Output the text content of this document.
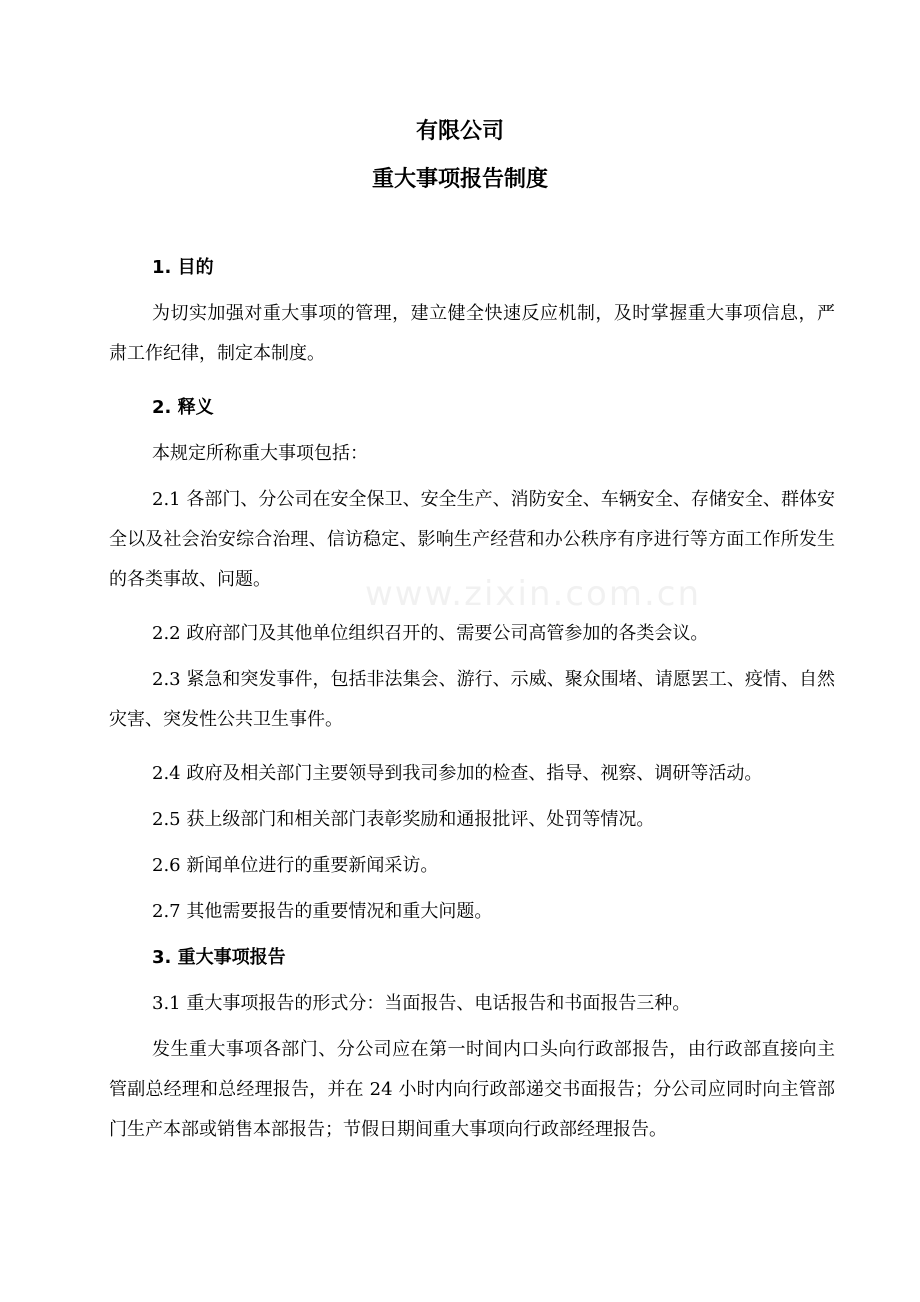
有限公司
重大事项报告制度

1. 目的

为切实加强对重大事项的管理，建立健全快速反应机制，及时掌握重大事项信息，严肃工作纪律，制定本制度。

2. 释义

本规定所称重大事项包括：

2.1 各部门、分公司在安全保卫、安全生产、消防安全、车辆安全、存储安全、群体安全以及社会治安综合治理、信访稳定、影响生产经营和办公秩序有序进行等方面工作所发生的各类事故、问题。

2.2 政府部门及其他单位组织召开的、需要公司高管参加的各类会议。

2.3 紧急和突发事件，包括非法集会、游行、示威、聚众围堵、请愿罢工、疫情、自然灾害、突发性公共卫生事件。

2.4 政府及相关部门主要领导到我司参加的检查、指导、视察、调研等活动。

2.5 获上级部门和相关部门表彰奖励和通报批评、处罚等情况。

2.6 新闻单位进行的重要新闻采访。

2.7 其他需要报告的重要情况和重大问题。

3. 重大事项报告

3.1 重大事项报告的形式分：当面报告、电话报告和书面报告三种。

发生重大事项各部门、分公司应在第一时间内口头向行政部报告，由行政部直接向主管副总经理和总经理报告，并在 24 小时内向行政部递交书面报告；分公司应同时向主管部门生产本部或销售本部报告；节假日期间重大事项向行政部经理报告。

www.zixin.com.cn
